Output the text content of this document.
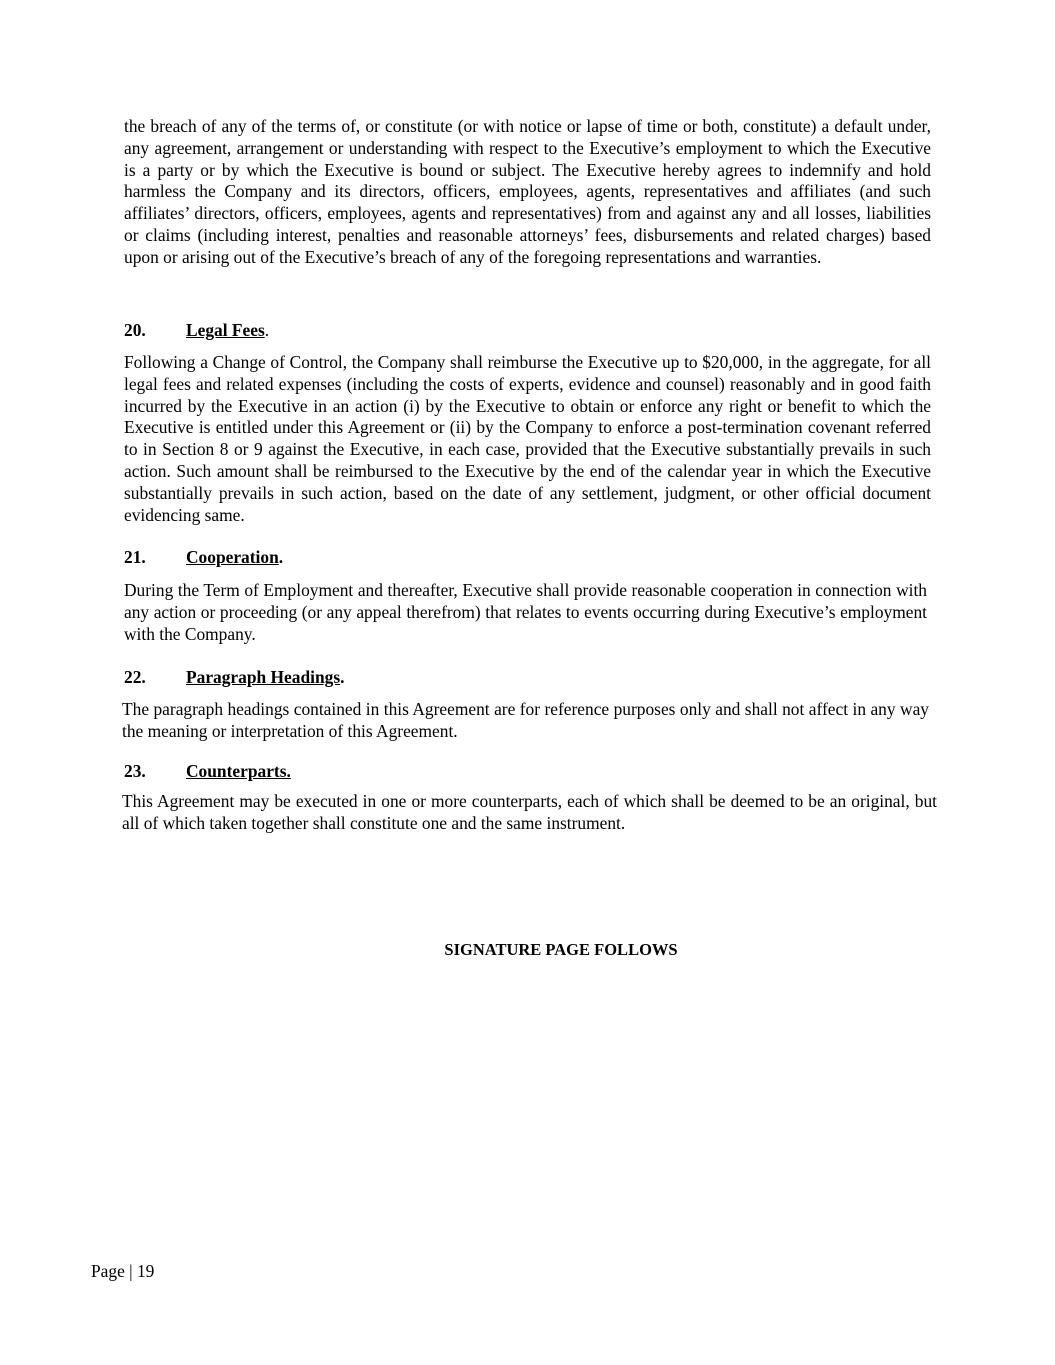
the breach of any of the terms of, or constitute (or with notice or lapse of time or both, constitute) a default under, any agreement, arrangement or understanding with respect to the Executive’s employment to which the Executive is a party or by which the Executive is bound or subject. The Executive hereby agrees to indemnify and hold harmless the Company and its directors, officers, employees, agents, representatives and affiliates (and such affiliates’ directors, officers, employees, agents and representatives) from and against any and all losses, liabilities or claims (including interest, penalties and reasonable attorneys’ fees, disbursements and related charges) based upon or arising out of the Executive’s breach of any of the foregoing representations and warranties.

20. Legal Fees.

Following a Change of Control, the Company shall reimburse the Executive up to $20,000, in the aggregate, for all legal fees and related expenses (including the costs of experts, evidence and counsel) reasonably and in good faith incurred by the Executive in an action (i) by the Executive to obtain or enforce any right or benefit to which the Executive is entitled under this Agreement or (ii) by the Company to enforce a post-termination covenant referred to in Section 8 or 9 against the Executive, in each case, provided that the Executive substantially prevails in such action. Such amount shall be reimbursed to the Executive by the end of the calendar year in which the Executive substantially prevails in such action, based on the date of any settlement, judgment, or other official document evidencing same.

21. Cooperation.

During the Term of Employment and thereafter, Executive shall provide reasonable cooperation in connection with any action or proceeding (or any appeal therefrom) that relates to events occurring during Executive’s employment with the Company.

22. Paragraph Headings.

The paragraph headings contained in this Agreement are for reference purposes only and shall not affect in any way the meaning or interpretation of this Agreement.

23. Counterparts.

This Agreement may be executed in one or more counterparts, each of which shall be deemed to be an original, but all of which taken together shall constitute one and the same instrument.

SIGNATURE PAGE FOLLOWS
Page | 19
